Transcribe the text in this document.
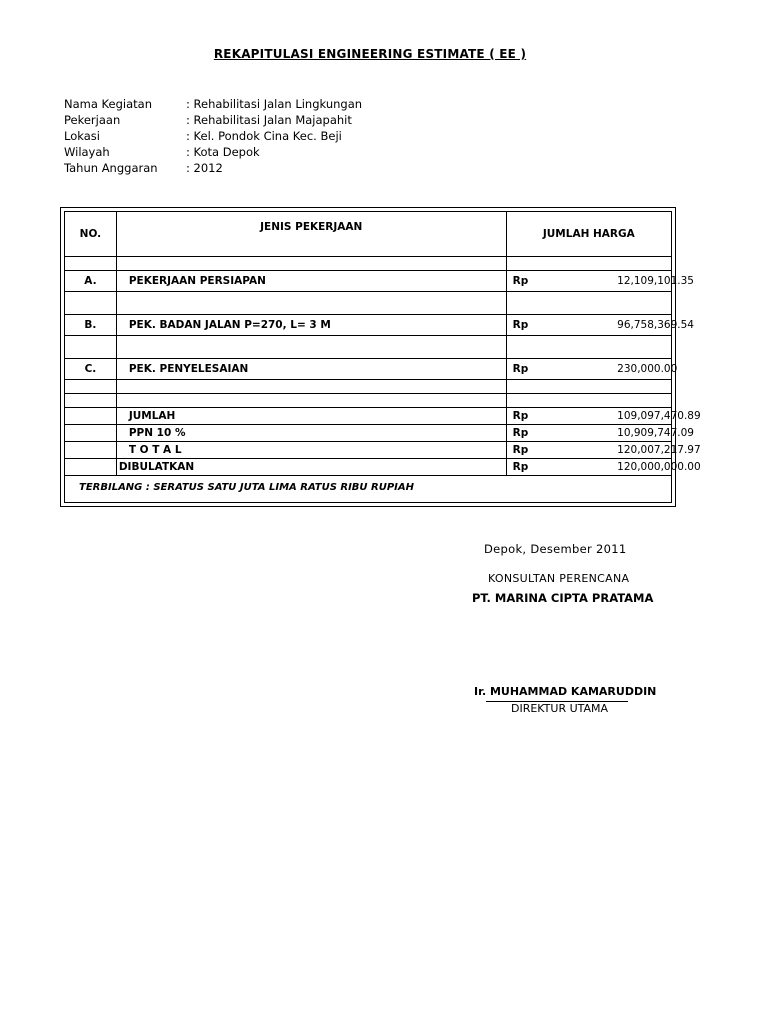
REKAPITULASI ENGINEERING ESTIMATE ( EE )
Nama Kegiatan	: Rehabilitasi Jalan Lingkungan
Pekerjaan	: Rehabilitasi Jalan Majapahit
Lokasi	: Kel. Pondok Cina Kec. Beji
Wilayah	: Kota Depok
Tahun Anggaran : 2012
NO.	JENIS PEKERJAAN	JUMLAH HARGA	

A.	PEKERJAAN PERSIAPAN	Rp	12,109,101.35

B.	PEK. BADAN JALAN P=270, L= 3 M	Rp	96,758,369.54

C.	PEK. PENYELESAIAN	Rp	230,000.00

	JUMLAH	Rp	109,097,470.89
	PPN 10 %	Rp	10,909,747.09
	T O T A L	Rp	120,007,217.97
	DIBULATKAN	Rp	120,000,000.00
TERBILANG : SERATUS SATU JUTA LIMA RATUS RIBU RUPIAH
Depok, Desember 2011
KONSULTAN PERENCANA
PT. MARINA CIPTA PRATAMA
Ir. MUHAMMAD KAMARUDDIN
DIREKTUR UTAMA
